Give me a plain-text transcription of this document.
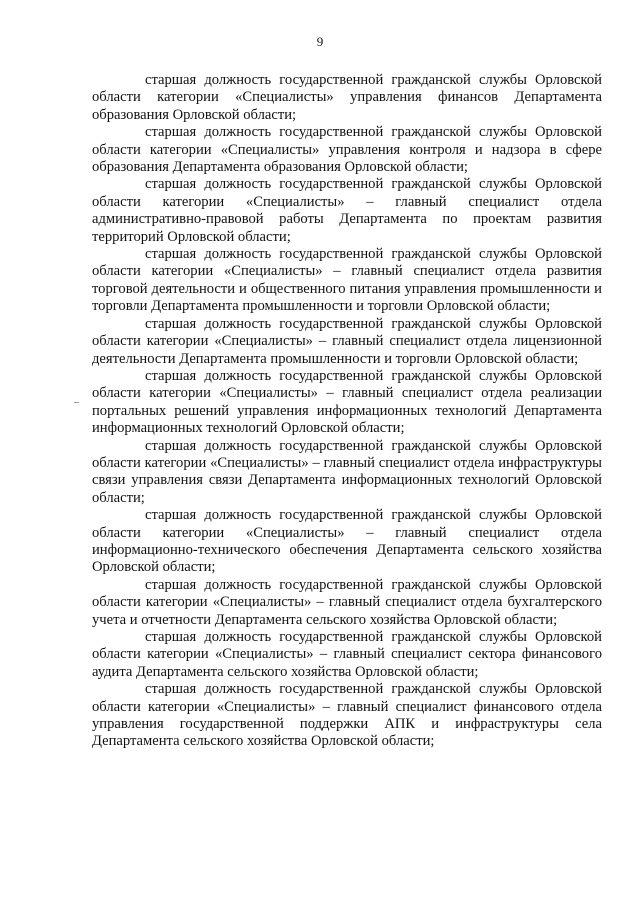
9

старшая должность государственной гражданской службы Орловской области категории «Специалисты» управления финансов Департамента образования Орловской области;

старшая должность государственной гражданской службы Орловской области категории «Специалисты» управления контроля и надзора в сфере образования Департамента образования Орловской области;

старшая должность государственной гражданской службы Орловской области категории «Специалисты» – главный специалист отдела административно-правовой работы Департамента по проектам развития территорий Орловской области;

старшая должность государственной гражданской службы Орловской области категории «Специалисты» – главный специалист отдела развития торговой деятельности и общественного питания управления промышленности и торговли Департамента промышленности и торговли Орловской области;

старшая должность государственной гражданской службы Орловской области категории «Специалисты» – главный специалист отдела лицензионной деятельности Департамента промышленности и торговли Орловской области;

старшая должность государственной гражданской службы Орловской области категории «Специалисты» – главный специалист отдела реализации портальных решений управления информационных технологий Департамента информационных технологий Орловской области;

старшая должность государственной гражданской службы Орловской области категории «Специалисты» – главный специалист отдела инфраструктуры связи управления связи Департамента информационных технологий Орловской области;

старшая должность государственной гражданской службы Орловской области категории «Специалисты» – главный специалист отдела информационно-технического обеспечения Департамента сельского хозяйства Орловской области;

старшая должность государственной гражданской службы Орловской области категории «Специалисты» – главный специалист отдела бухгалтерского учета и отчетности Департамента сельского хозяйства Орловской области;

старшая должность государственной гражданской службы Орловской области категории «Специалисты» – главный специалист сектора финансового аудита Департамента сельского хозяйства Орловской области;

старшая должность государственной гражданской службы Орловской области категории «Специалисты» – главный специалист финансового отдела управления государственной поддержки АПК и инфраструктуры села Департамента сельского хозяйства Орловской области;
